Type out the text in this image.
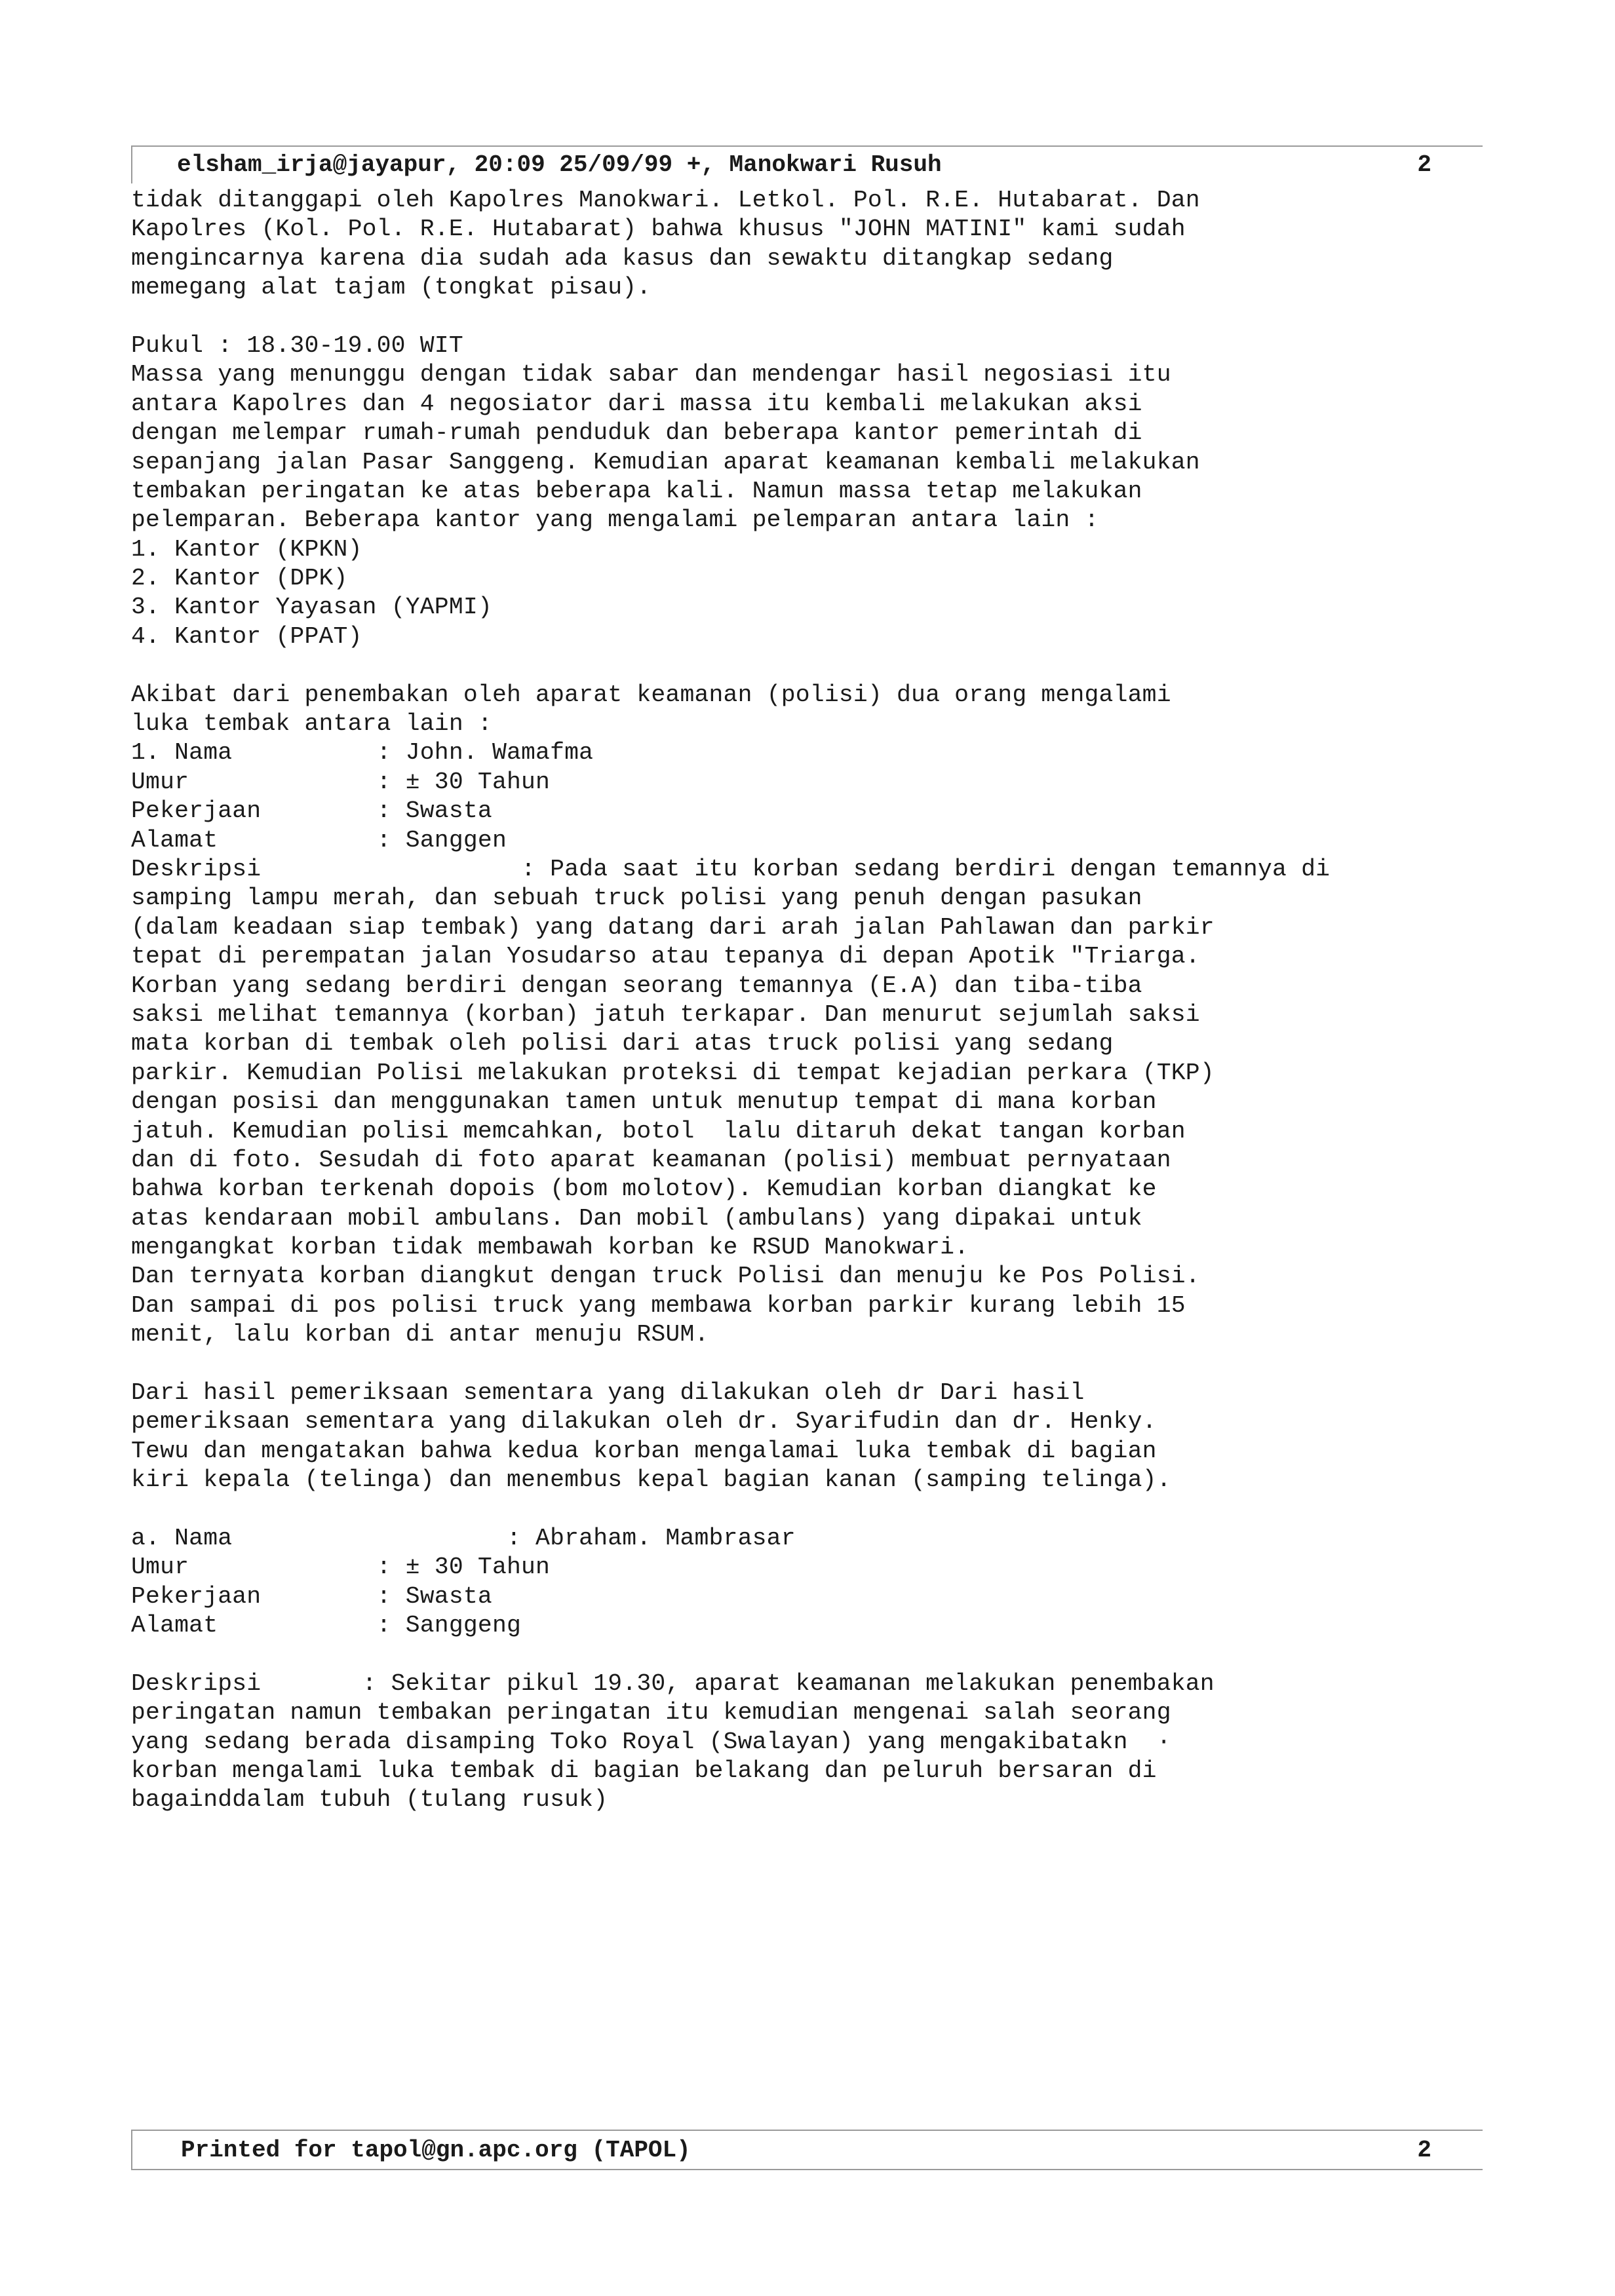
elsham_irja@jayapur, 20:09 25/09/99 +, Manokwari Rusuh	2
tidak ditanggapi oleh Kapolres Manokwari. Letkol. Pol. R.E. Hutabarat. Dan
Kapolres (Kol. Pol. R.E. Hutabarat) bahwa khusus "JOHN MATINI" kami sudah
mengincarnya karena dia sudah ada kasus dan sewaktu ditangkap sedang
memegang alat tajam (tongkat pisau).
Pukul : 18.30-19.00 WIT
Massa yang menunggu dengan tidak sabar dan mendengar hasil negosiasi itu
antara Kapolres dan 4 negosiator dari massa itu kembali melakukan aksi
dengan melempar rumah-rumah penduduk dan beberapa kantor pemerintah di
sepanjang jalan Pasar Sanggeng. Kemudian aparat keamanan kembali melakukan
tembakan peringatan ke atas beberapa kali. Namun massa tetap melakukan
pelemparan. Beberapa kantor yang mengalami pelemparan antara lain :
1. Kantor (KPKN)
2. Kantor (DPK)
3. Kantor Yayasan (YAPMI)
4. Kantor (PPAT)
Akibat dari penembakan oleh aparat keamanan (polisi) dua orang mengalami
luka tembak antara lain :
1. Nama          : John. Wamafma
Umur             : ± 30 Tahun
Pekerjaan        : Swasta
Alamat           : Sanggen
Deskripsi                  : Pada saat itu korban sedang berdiri dengan temannya di
samping lampu merah, dan sebuah truck polisi yang penuh dengan pasukan
(dalam keadaan siap tembak) yang datang dari arah jalan Pahlawan dan parkir
tepat di perempatan jalan Yosudarso atau tepanya di depan Apotik "Triarga.
Korban yang sedang berdiri dengan seorang temannya (E.A) dan tiba-tiba
saksi melihat temannya (korban) jatuh terkapar. Dan menurut sejumlah saksi
mata korban di tembak oleh polisi dari atas truck polisi yang sedang
parkir. Kemudian Polisi melakukan proteksi di tempat kejadian perkara (TKP)
dengan posisi dan menggunakan tamen untuk menutup tempat di mana korban
jatuh. Kemudian polisi memcahkan, botol  lalu ditaruh dekat tangan korban
dan di foto. Sesudah di foto aparat keamanan (polisi) membuat pernyataan
bahwa korban terkenah dopois (bom molotov). Kemudian korban diangkat ke
atas kendaraan mobil ambulans. Dan mobil (ambulans) yang dipakai untuk
mengangkat korban tidak membawah korban ke RSUD Manokwari.
Dan ternyata korban diangkut dengan truck Polisi dan menuju ke Pos Polisi.
Dan sampai di pos polisi truck yang membawa korban parkir kurang lebih 15
menit, lalu korban di antar menuju RSUM.
Dari hasil pemeriksaan sementara yang dilakukan oleh dr Dari hasil
pemeriksaan sementara yang dilakukan oleh dr. Syarifudin dan dr. Henky.
Tewu dan mengatakan bahwa kedua korban mengalamai luka tembak di bagian
kiri kepala (telinga) dan menembus kepal bagian kanan (samping telinga).
a. Nama                   : Abraham. Mambrasar
Umur             : ± 30 Tahun
Pekerjaan        : Swasta
Alamat           : Sanggeng
Deskripsi       : Sekitar pikul 19.30, aparat keamanan melakukan penembakan
peringatan namun tembakan peringatan itu kemudian mengenai salah seorang
yang sedang berada disamping Toko Royal (Swalayan) yang mengakibatakn  ·
korban mengalami luka tembak di bagian belakang dan peluruh bersaran di
bagainddalam tubuh (tulang rusuk)
Printed for tapol@gn.apc.org (TAPOL)	2
